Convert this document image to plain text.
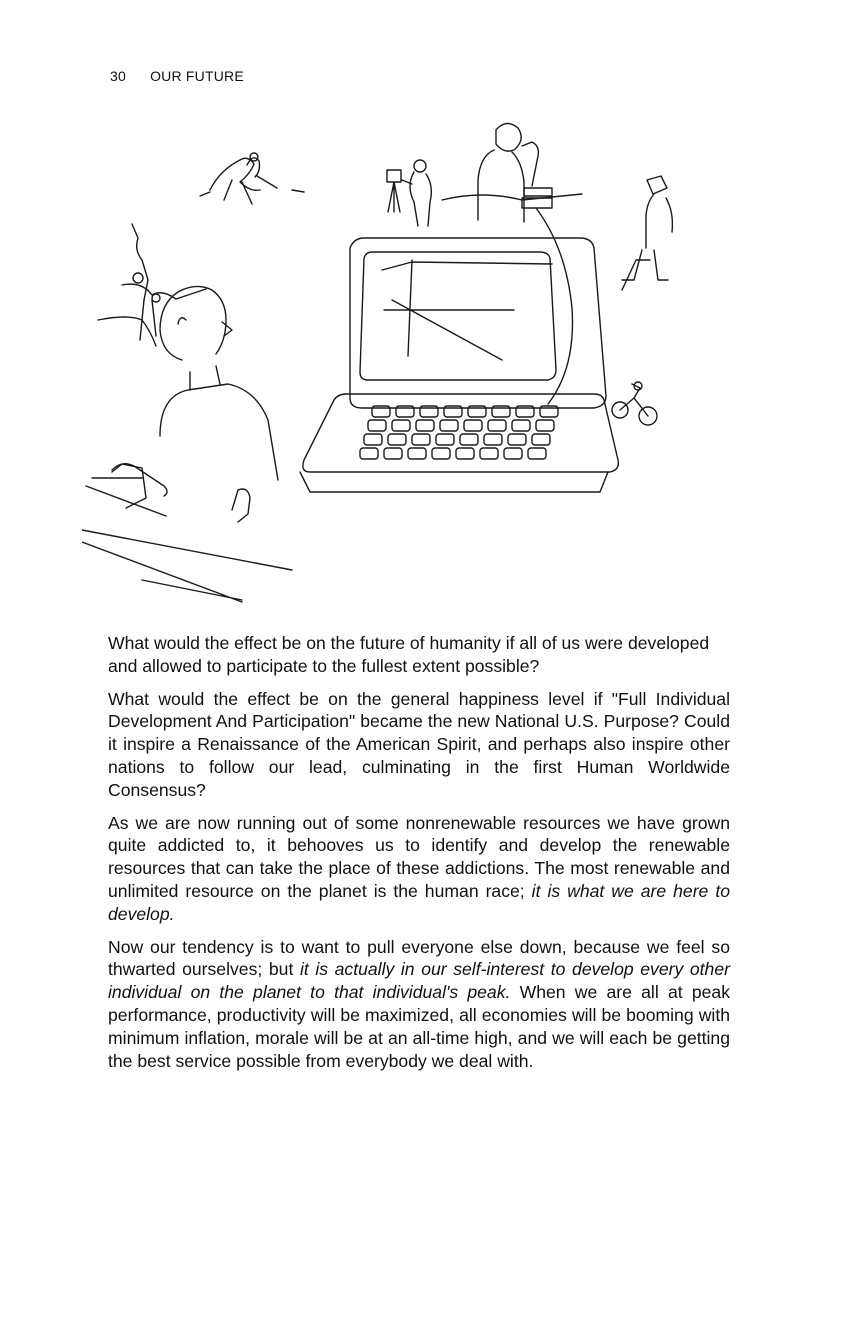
30 OUR FUTURE

What would the effect be on the future of humanity if all of us were developed and allowed to participate to the fullest extent possible?

What would the effect be on the general happiness level if "Full Individual Development And Participation" became the new National U.S. Purpose? Could it inspire a Renaissance of the American Spirit, and perhaps also inspire other nations to follow our lead, culminating in the first Human Worldwide Consensus?

As we are now running out of some nonrenewable resources we have grown quite addicted to, it behooves us to identify and develop the renewable resources that can take the place of these addictions. The most renewable and unlimited resource on the planet is the human race; it is what we are here to develop.

Now our tendency is to want to pull everyone else down, because we feel so thwarted ourselves; but it is actually in our self-interest to develop every other individual on the planet to that individual's peak. When we are all at peak performance, productivity will be maximized, all economies will be booming with minimum inflation, morale will be at an all-time high, and we will each be getting the best service possible from everybody we deal with.
